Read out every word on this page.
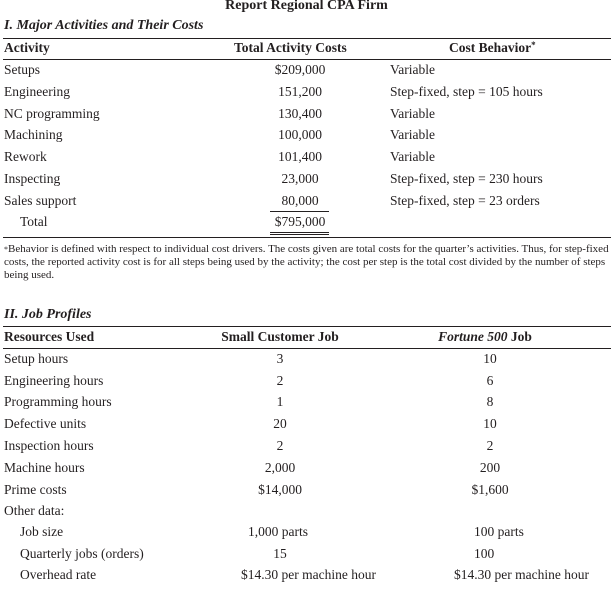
Report Regional CPA Firm
I. Major Activities and Their Costs
Activity	Total Activity Costs	Cost Behavior*
Setups	$209,000	Variable
Engineering	151,200	Step-fixed, step = 105 hours
NC programming	130,400	Variable
Machining	100,000	Variable
Rework	101,400	Variable
Inspecting	23,000	Step-fixed, step = 230 hours
Sales support	80,000	Step-fixed, step = 23 orders
Total	$795,000
*Behavior is defined with respect to individual cost drivers. The costs given are total costs for the quarter’s activities. Thus, for step-fixed costs, the reported activity cost is for all steps being used by the activity; the cost per step is the total cost divided by the number of steps being used.
II. Job Profiles
Resources Used	Small Customer Job	Fortune 500 Job
Setup hours	3	10
Engineering hours	2	6
Programming hours	1	8
Defective units	20	10
Inspection hours	2	2
Machine hours	2,000	200
Prime costs	$14,000	$1,600
Other data:
Job size	1,000 parts	100 parts
Quarterly jobs (orders)	15	100
Overhead rate	$14.30 per machine hour	$14.30 per machine hour
